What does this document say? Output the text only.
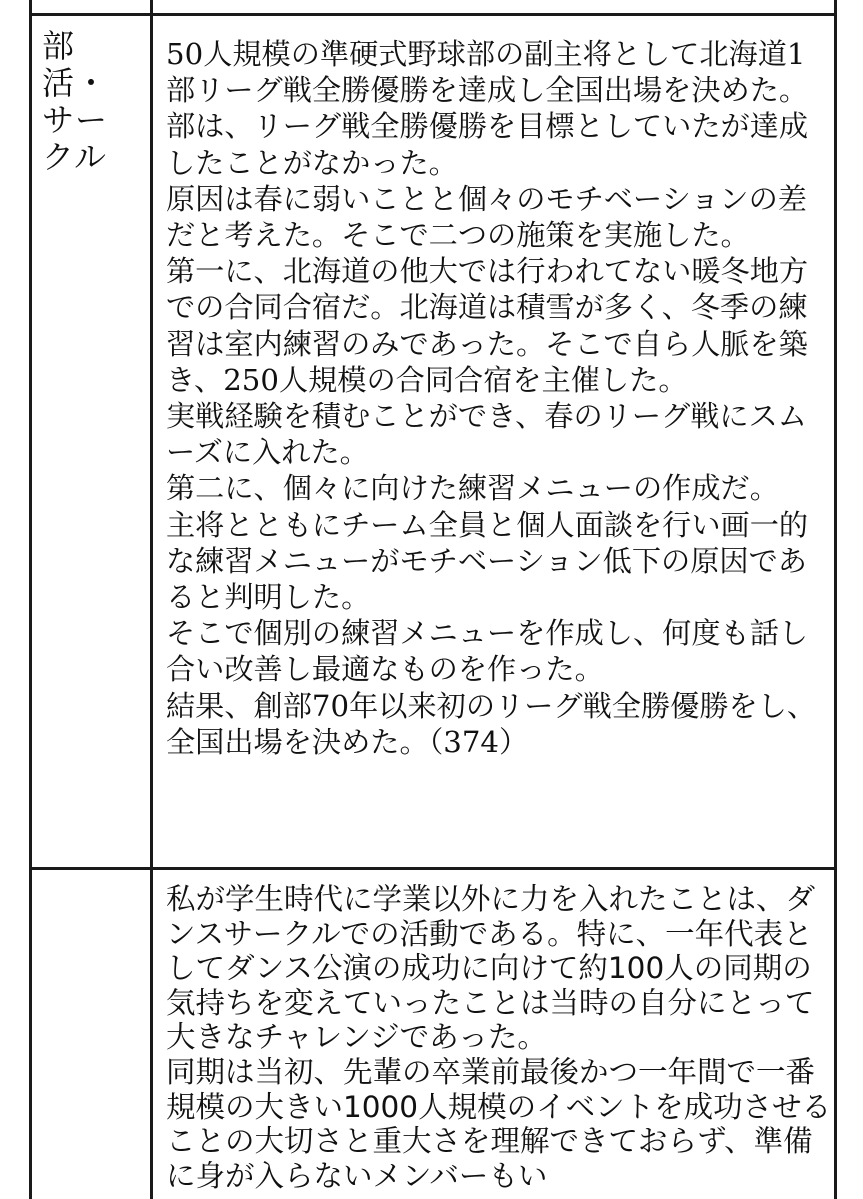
部
活・
サー
クル
50人規模の準硬式野球部の副主将として北海道1部リーグ戦全勝優勝を達成し全国出場を決めた。
部は、リーグ戦全勝優勝を目標としていたが達成したことがなかった。
原因は春に弱いことと個々のモチベーションの差だと考えた。そこで二つの施策を実施した。
第一に、北海道の他大では行われてない暖冬地方での合同合宿だ。北海道は積雪が多く、冬季の練習は室内練習のみであった。そこで自ら人脈を築き、250人規模の合同合宿を主催した。
実戦経験を積むことができ、春のリーグ戦にスムーズに入れた。
第二に、個々に向けた練習メニューの作成だ。
主将とともにチーム全員と個人面談を行い画一的な練習メニューがモチベーション低下の原因であると判明した。
そこで個別の練習メニューを作成し、何度も話し合い改善し最適なものを作った。
結果、創部70年以来初のリーグ戦全勝優勝をし、全国出場を決めた。（374）
私が学生時代に学業以外に力を入れたことは、ダンスサークルでの活動である。特に、一年代表としてダンス公演の成功に向けて約100人の同期の気持ちを変えていったことは当時の自分にとって大きなチャレンジであった。
同期は当初、先輩の卒業前最後かつ一年間で一番規模の大きい1000人規模のイベントを成功させることの大切さと重大さを理解できておらず、準備に身が入らないメンバーもい
